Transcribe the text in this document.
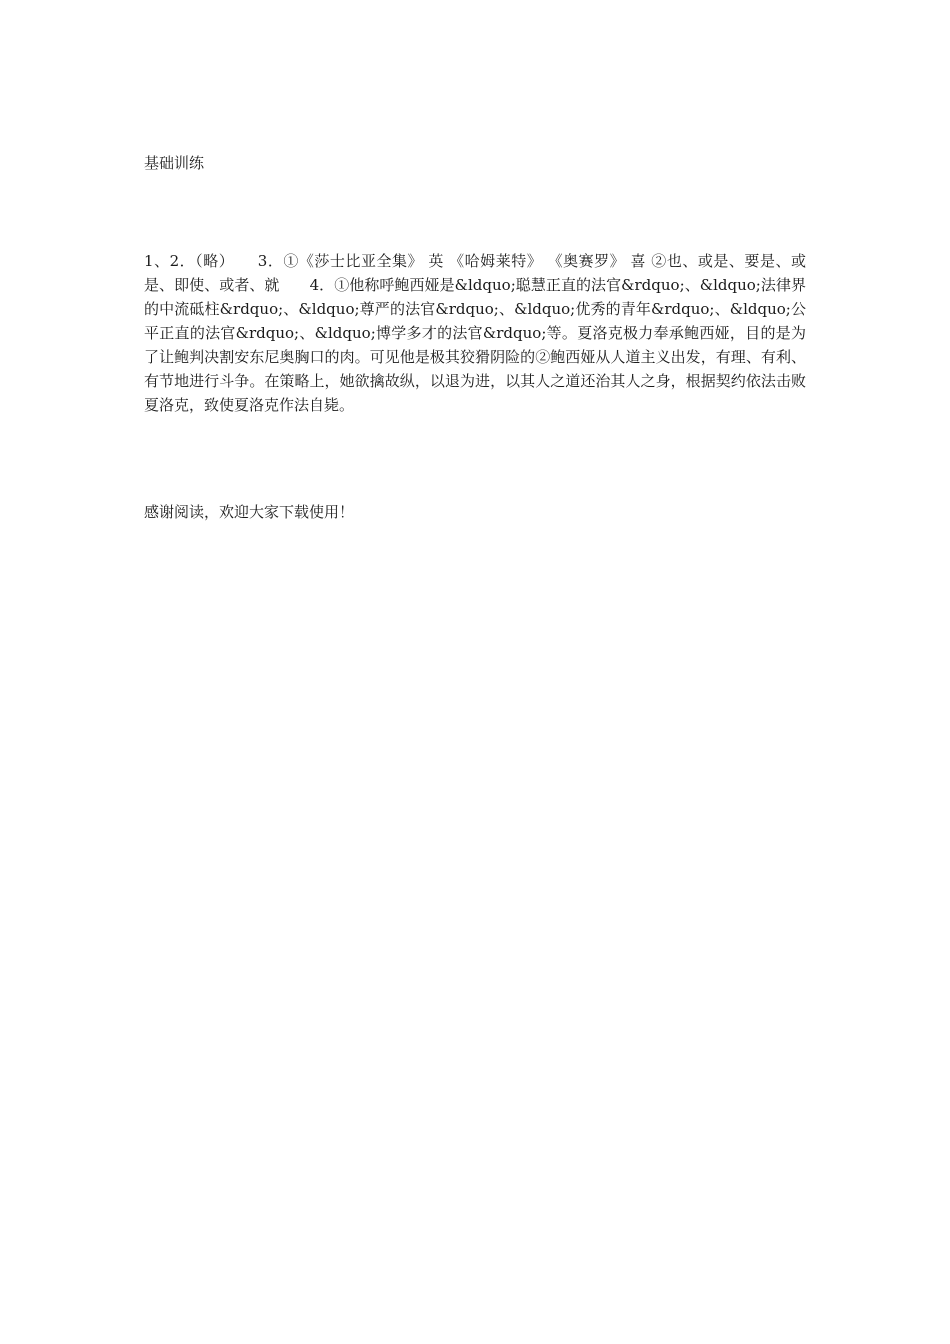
基础训练

1、2．（略）　　3．①《莎士比亚全集》 英 《哈姆莱特》 《奥赛罗》 喜 ②也、或是、要是、或是、即使、或者、就　　4．①他称呼鲍西娅是&ldquo;聪慧正直的法官&rdquo;、&ldquo;法律界的中流砥柱&rdquo;、&ldquo;尊严的法官&rdquo;、&ldquo;优秀的青年&rdquo;、&ldquo;公平正直的法官&rdquo;、&ldquo;博学多才的法官&rdquo;等。夏洛克极力奉承鲍西娅，目的是为了让鲍判决割安东尼奥胸口的肉。可见他是极其狡猾阴险的②鲍西娅从人道主义出发，有理、有利、有节地进行斗争。在策略上，她欲擒故纵，以退为进，以其人之道还治其人之身，根据契约依法击败夏洛克，致使夏洛克作法自毙。

感谢阅读，欢迎大家下载使用！
